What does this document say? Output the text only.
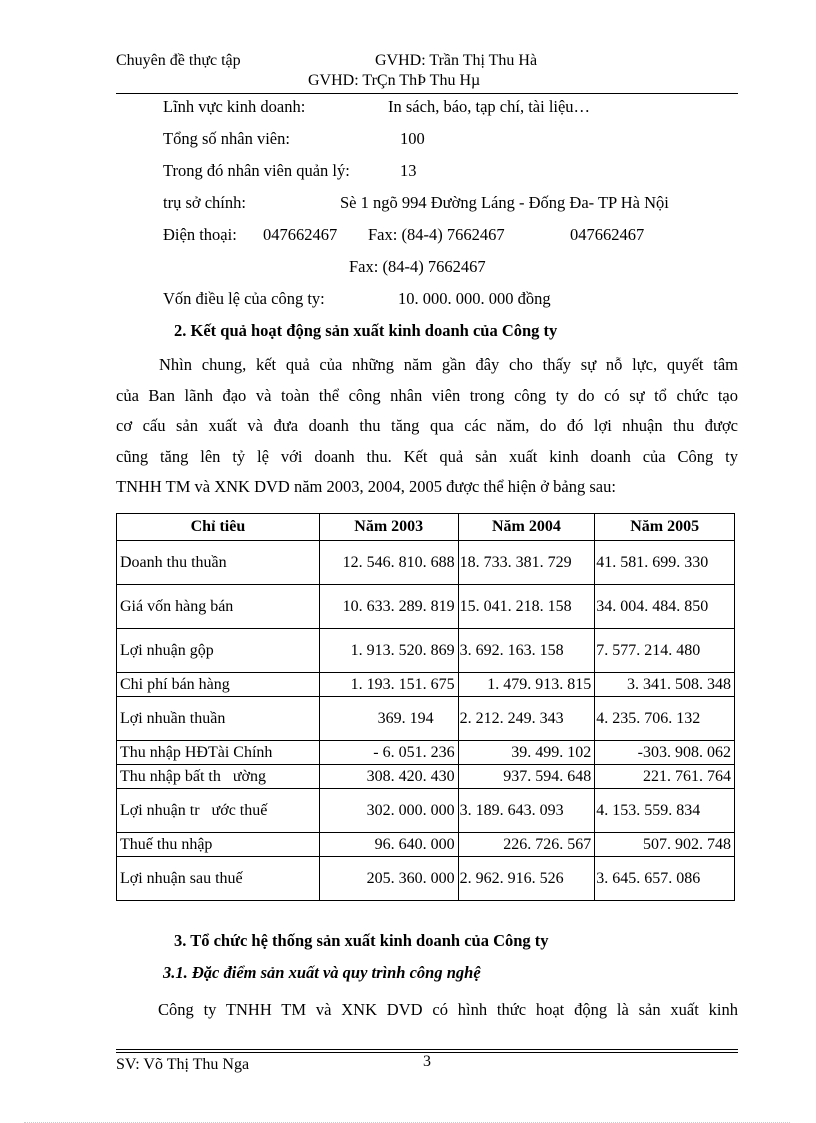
Chuyên đề thực tập	GVHD: Trần Thị Thu Hà
GVHD: TrÇn ThÞ Thu Hµ
Lĩnh vực kinh doanh:	In sách, báo, tạp chí, tài liệu…
Tổng số nhân viên:	100
Trong đó nhân viên quản lý:	13
trụ sở chính:	Sè 1 ngõ 994 Đường Láng - Đống Đa- TP Hà Nội
Điện thoại: 047662467 Fax: (84-4) 7662467	047662467
Fax: (84-4) 7662467
Vốn điều lệ của công ty:	10. 000. 000. 000 đồng
2. Kết quả hoạt động sản xuất kinh doanh của Công ty
Nhìn chung, kết quả của những năm gần đây cho thấy sự nỗ lực, quyết tâm
của Ban lãnh đạo và toàn thể công nhân viên trong công ty do có sự tổ chức tạo
cơ cấu sản xuất và đưa doanh thu tăng qua các năm, do đó lợi nhuận thu được
cũng tăng lên tỷ lệ với doanh thu. Kết quả sản xuất kinh doanh của Công ty
TNHH TM và XNK DVD năm 2003, 2004, 2005 được thể hiện ở bảng sau:
Chỉ tiêu	Năm 2003	Năm 2004	Năm 2005
Doanh thu thuần	12. 546. 810. 688	18. 733. 381. 729	41. 581. 699. 330
Giá vốn hàng bán	10. 633. 289. 819	15. 041. 218. 158	34. 004. 484. 850
Lợi nhuận gộp	1. 913. 520. 869	3. 692. 163. 158	7. 577. 214. 480
Chi phí bán hàng	1. 193. 151. 675	1. 479. 913. 815	3. 341. 508. 348
Lợi nhuần thuần	369. 194	2. 212. 249. 343	4. 235. 706. 132
Thu nhập HĐTài Chính	- 6. 051. 236	39. 499. 102	-303. 908. 062
Thu nhập bất th   ường	308. 420. 430	937. 594. 648	221. 761. 764
Lợi nhuận tr   ước thuế	302. 000. 000	3. 189. 643. 093	4. 153. 559. 834
Thuế thu nhập	96. 640. 000	226. 726. 567	507. 902. 748
Lợi nhuận sau thuế	205. 360. 000	2. 962. 916. 526	3. 645. 657. 086
3. Tổ chức hệ thống sản xuất kinh doanh của Công ty
3.1. Đặc điểm sản xuất và quy trình công nghệ
Công ty TNHH TM và XNK DVD có hình thức hoạt động là sản xuất kinh
SV: Võ Thị Thu Nga	3
